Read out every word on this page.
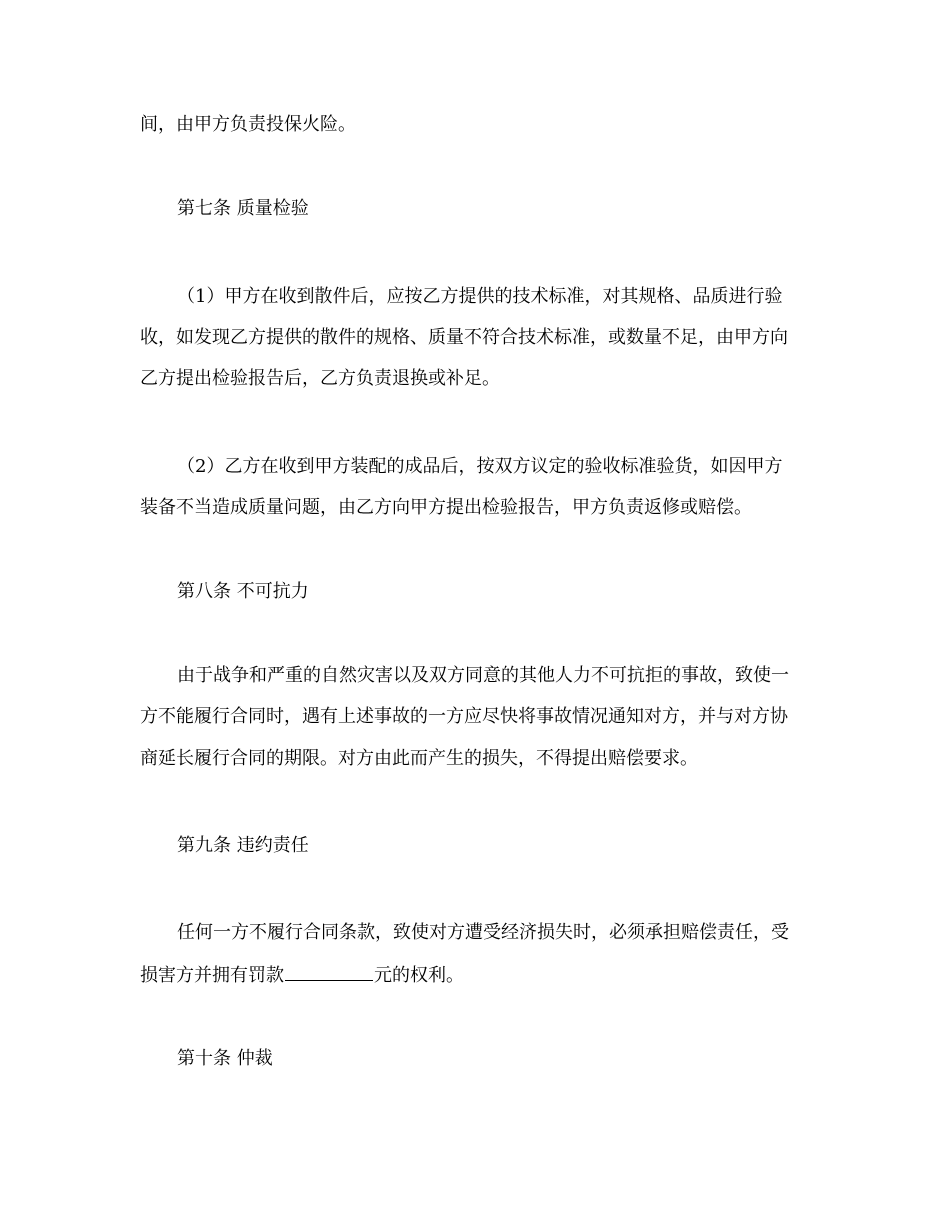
间，由甲方负责投保火险。
第七条 质量检验
（1）甲方在收到散件后，应按乙方提供的技术标准，对其规格、品质进行验
收，如发现乙方提供的散件的规格、质量不符合技术标准，或数量不足，由甲方向
乙方提出检验报告后，乙方负责退换或补足。
（2）乙方在收到甲方装配的成品后，按双方议定的验收标准验货，如因甲方
装备不当造成质量问题，由乙方向甲方提出检验报告，甲方负责返修或赔偿。
第八条 不可抗力
由于战争和严重的自然灾害以及双方同意的其他人力不可抗拒的事故，致使一
方不能履行合同时，遇有上述事故的一方应尽快将事故情况通知对方，并与对方协
商延长履行合同的期限。对方由此而产生的损失，不得提出赔偿要求。
第九条 违约责任
任何一方不履行合同条款，致使对方遭受经济损失时，必须承担赔偿责任，受
损害方并拥有罚款	元的权利。
第十条 仲裁
